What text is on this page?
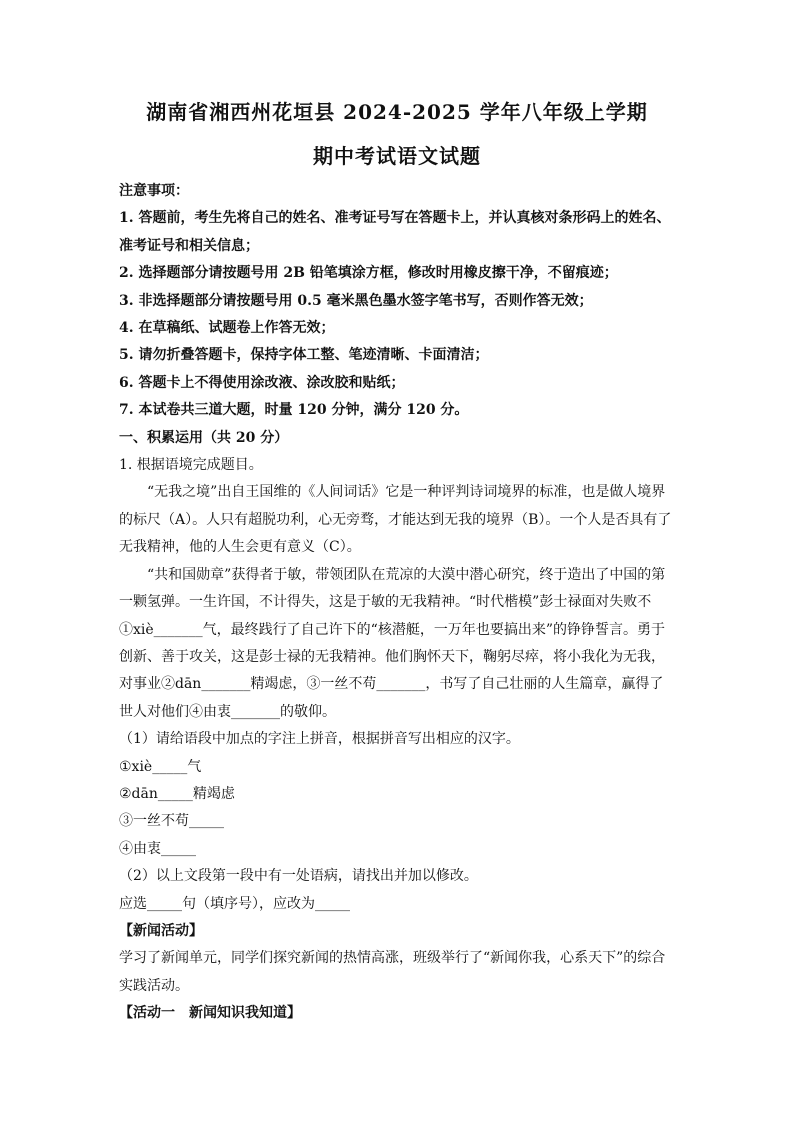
湖南省湘西州花垣县 2024-2025 学年八年级上学期
期中考试语文试题

注意事项：

1. 答题前，考生先将自己的姓名、准考证号写在答题卡上，并认真核对条形码上的姓名、准考证号和相关信息；

2. 选择题部分请按题号用 2B 铅笔填涂方框，修改时用橡皮擦干净，不留痕迹；

3. 非选择题部分请按题号用 0.5 毫米黑色墨水签字笔书写，否则作答无效；

4. 在草稿纸、试题卷上作答无效；

5. 请勿折叠答题卡，保持字体工整、笔迹清晰、卡面清洁；

6. 答题卡上不得使用涂改液、涂改胶和贴纸；

7. 本试卷共三道大题，时量 120 分钟，满分 120 分。

一、积累运用（共 20 分）

1. 根据语境完成题目。

“无我之境”出自王国维的《人间词话》它是一种评判诗词境界的标准，也是做人境界的标尺（A）。人只有超脱功利，心无旁骛，才能达到无我的境界（B）。一个人是否具有了无我精神，他的人生会更有意义（C）。

“共和国勋章”获得者于敏，带领团队在荒凉的大漠中潜心研究，终于造出了中国的第一颗氢弹。一生许国，不计得失，这是于敏的无我精神。“时代楷模”彭士禄面对失败不①xiè_______气，最终践行了自己许下的“核潜艇，一万年也要搞出来”的铮铮誓言。勇于创新、善于攻关，这是彭士禄的无我精神。他们胸怀天下，鞠躬尽瘁，将小我化为无我，对事业②dān_______精竭虑，③一丝不苟_______，书写了自己壮丽的人生篇章，赢得了世人对他们④由衷_______的敬仰。

（1）请给语段中加点的字注上拼音，根据拼音写出相应的汉字。

①xiè_____气

②dān_____精竭虑

③一丝不苟_____

④由衷_____

（2）以上文段第一段中有一处语病，请找出并加以修改。

应选_____句（填序号），应改为_____

【新闻活动】

学习了新闻单元，同学们探究新闻的热情高涨，班级举行了“新闻你我，心系天下”的综合实践活动。

【活动一　新闻知识我知道】
